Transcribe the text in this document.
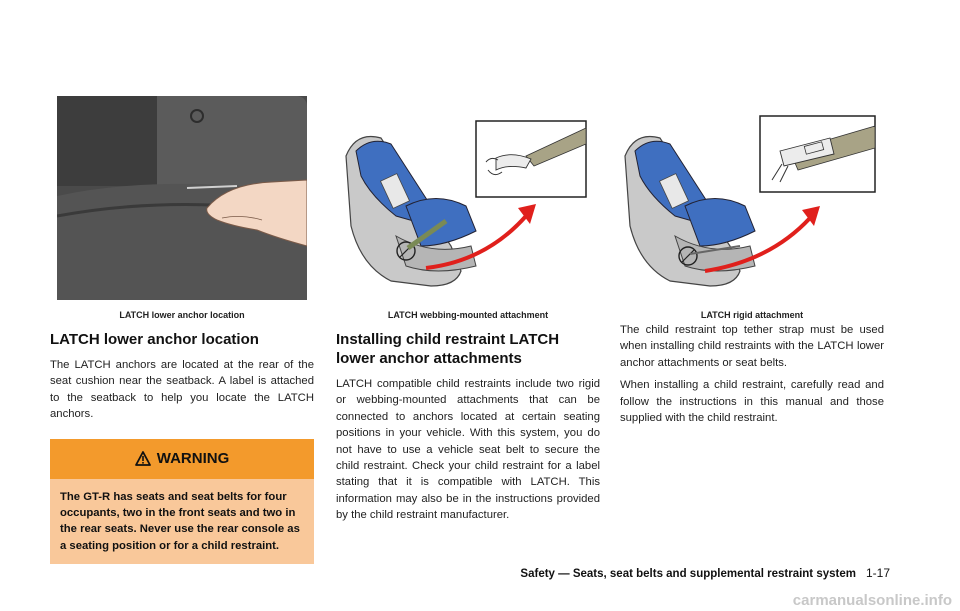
LATCH lower anchor location
LATCH lower anchor location

The LATCH anchors are located at the rear of the seat cushion near the seatback. A label is attached to the seatback to help you locate the LATCH anchors.

WARNING
The GT-R has seats and seat belts for four occupants, two in the front seats and two in the rear seats. Never use the rear console as a seating position or for a child restraint.
LATCH webbing-mounted attachment
Installing child restraint LATCH lower anchor attachments

LATCH compatible child restraints include two rigid or webbing-mounted attachments that can be connected to anchors located at certain seating positions in your vehicle. With this system, you do not have to use a vehicle seat belt to secure the child restraint. Check your child restraint for a label stating that it is compatible with LATCH. This information may also be in the instructions provided by the child restraint manufacturer.

LATCH rigid attachment

The child restraint top tether strap must be used when installing child restraints with the LATCH lower anchor attachments or seat belts.

When installing a child restraint, carefully read and follow the instructions in this manual and those supplied with the child restraint.

Safety — Seats, seat belts and supplemental restraint system 1-17
carmanualsonline.info
